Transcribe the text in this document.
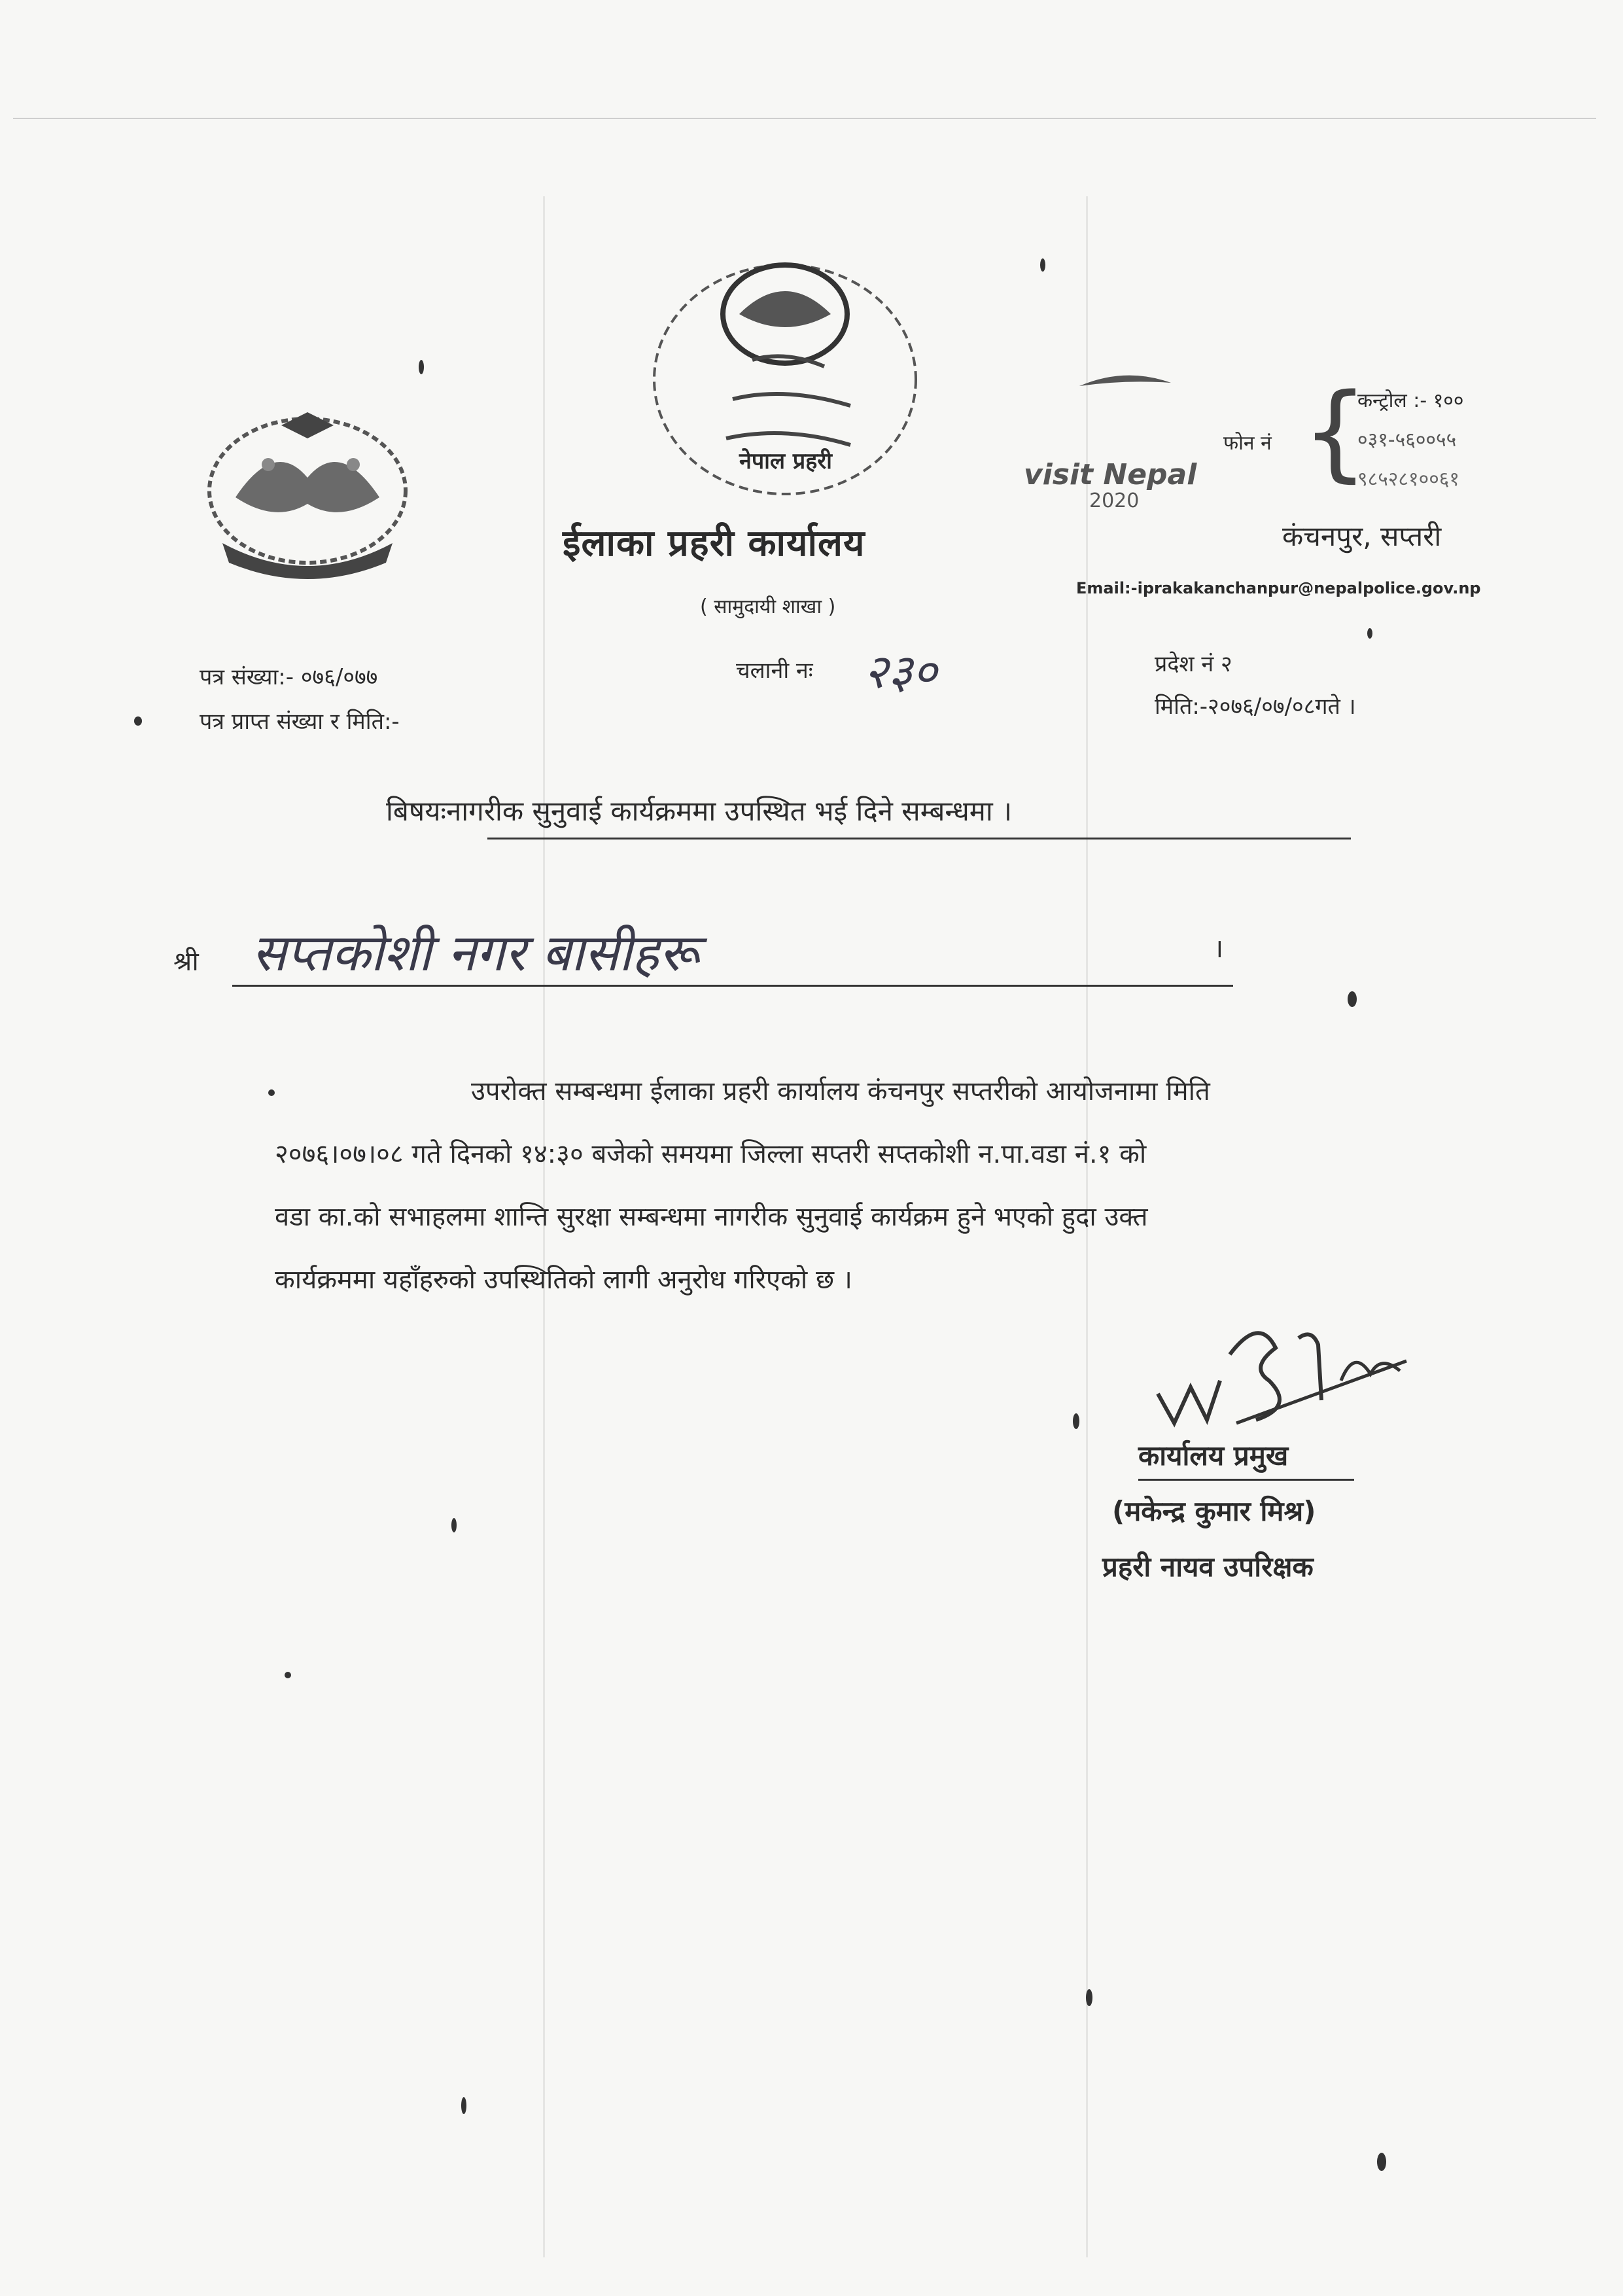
नेपाल प्रहरी
ईलाका प्रहरी कार्यालय
( सामुदायी शाखा )
visit Nepal
2020
फोन नं {
कन्ट्रोल :- १००
०३१-५६००५५
९८५२८१००६१
कंचनपुर, सप्तरी
Email:-iprakakanchanpur@nepalpolice.gov.np
पत्र संख्या:- ०७६/०७७
पत्र प्राप्त संख्या र मिति:-
चलानी नः २३०	प्रदेश नं २
मिति:-२०७६/०७/०८गते ।
बिषयःनागरीक सुनुवाई कार्यक्रममा उपस्थित भई दिने सम्बन्धमा ।
श्री सप्तकोशी नगर बासीहरू	।
उपरोक्त सम्बन्धमा ईलाका प्रहरी कार्यालय कंचनपुर सप्तरीको आयोजनामा मिति
२०७६।०७।०८ गते दिनको १४:३० बजेको समयमा जिल्ला सप्तरी सप्तकोशी न.पा.वडा नं.१ को
वडा का.को सभाहलमा शान्ति सुरक्षा सम्बन्धमा नागरीक सुनुवाई कार्यक्रम हुने भएको हुदा उक्त
कार्यक्रममा यहाँहरुको उपस्थितिको लागी अनुरोध गरिएको छ ।
कार्यालय प्रमुख
(मकेन्द्र कुमार मिश्र)
प्रहरी नायव उपरिक्षक
